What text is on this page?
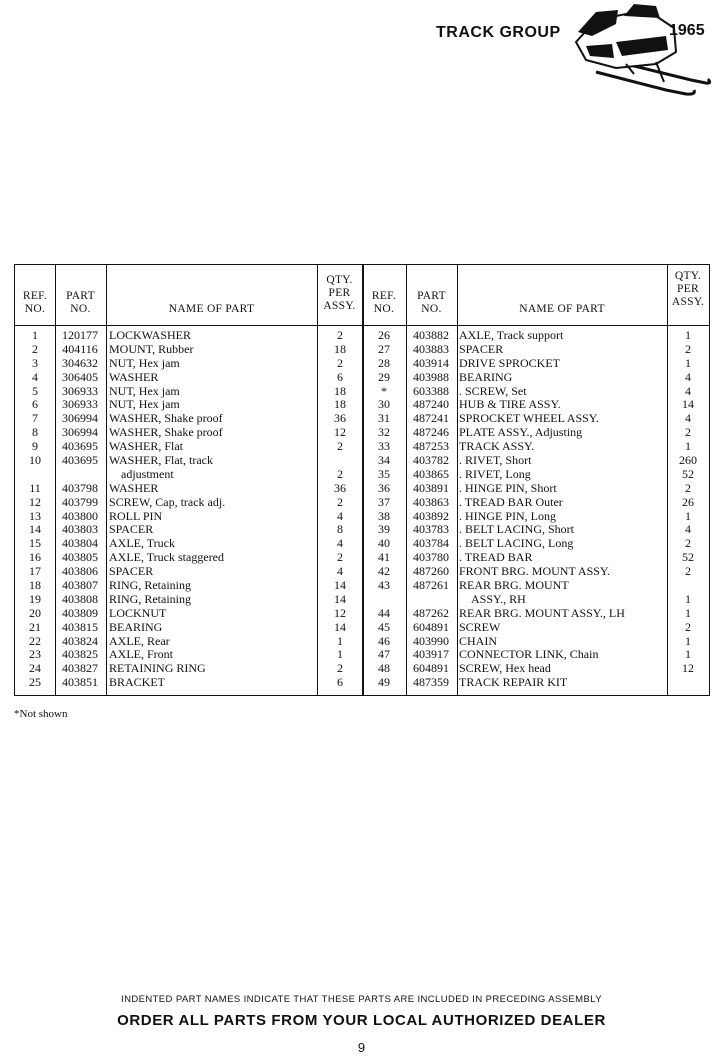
TRACK GROUP	1965
REF.
NO.
PART
NO.	NAME OF PART
QTY.
PER
ASSY.
REF.
NO.
PART
NO.	NAME OF PART
QTY.
PER
ASSY.
1	120177 LOCKWASHER	2
2	404116 MOUNT, Rubber	18
3	304632 NUT, Hex jam	2
4	306405 WASHER	6
5	306933 NUT, Hex jam	18
6	306933 NUT, Hex jam	18
7	306994 WASHER, Shake proof	36
8	306994 WASHER, Shake proof	12
9	403695 WASHER, Flat	2
10	403695 WASHER, Flat, track
adjustment	2
11	403798 WASHER	36
12	403799 SCREW, Cap, track adj.	2
13	403800 ROLL PIN	4
14	403803 SPACER	8
15	403804 AXLE, Truck	4
16	403805 AXLE, Truck staggered	2
17	403806 SPACER	4
18	403807 RING, Retaining	14
19	403808 RING, Retaining	14
20	403809 LOCKNUT	12
21	403815 BEARING	14
22	403824 AXLE, Rear	1
23	403825 AXLE, Front	1
24	403827 RETAINING RING	2
25	403851 BRACKET	6
26	403882 AXLE, Track support	1
27	403883 SPACER	2
28	403914 DRIVE SPROCKET	1
29	403988 BEARING	4
*	603388 . SCREW, Set	4
30	487240 HUB & TIRE ASSY.	14
31	487241 SPROCKET WHEEL ASSY.	4
32	487246 PLATE ASSY., Adjusting	2
33	487253 TRACK ASSY.	1
34	403782 . RIVET, Short	260
35	403865 . RIVET, Long	52
36	403891 . HINGE PIN, Short	2
37	403863 . TREAD BAR Outer	26
38	403892 . HINGE PIN, Long	1
39	403783 . BELT LACING, Short	4
40	403784 . BELT LACING, Long	2
41	403780 . TREAD BAR	52
42	487260 FRONT BRG. MOUNT ASSY.	2
43	487261 REAR BRG. MOUNT
ASSY., RH	1
44	487262 REAR BRG. MOUNT ASSY., LH	1
45	604891 SCREW	2
46	403990 CHAIN	1
47	403917 CONNECTOR LINK, Chain	1
48	604891 SCREW, Hex head	12
49	487359 TRACK REPAIR KIT
*Not shown
INDENTED PART NAMES INDICATE THAT THESE PARTS ARE INCLUDED IN PRECEDING ASSEMBLY
ORDER ALL PARTS FROM YOUR LOCAL AUTHORIZED DEALER
9
